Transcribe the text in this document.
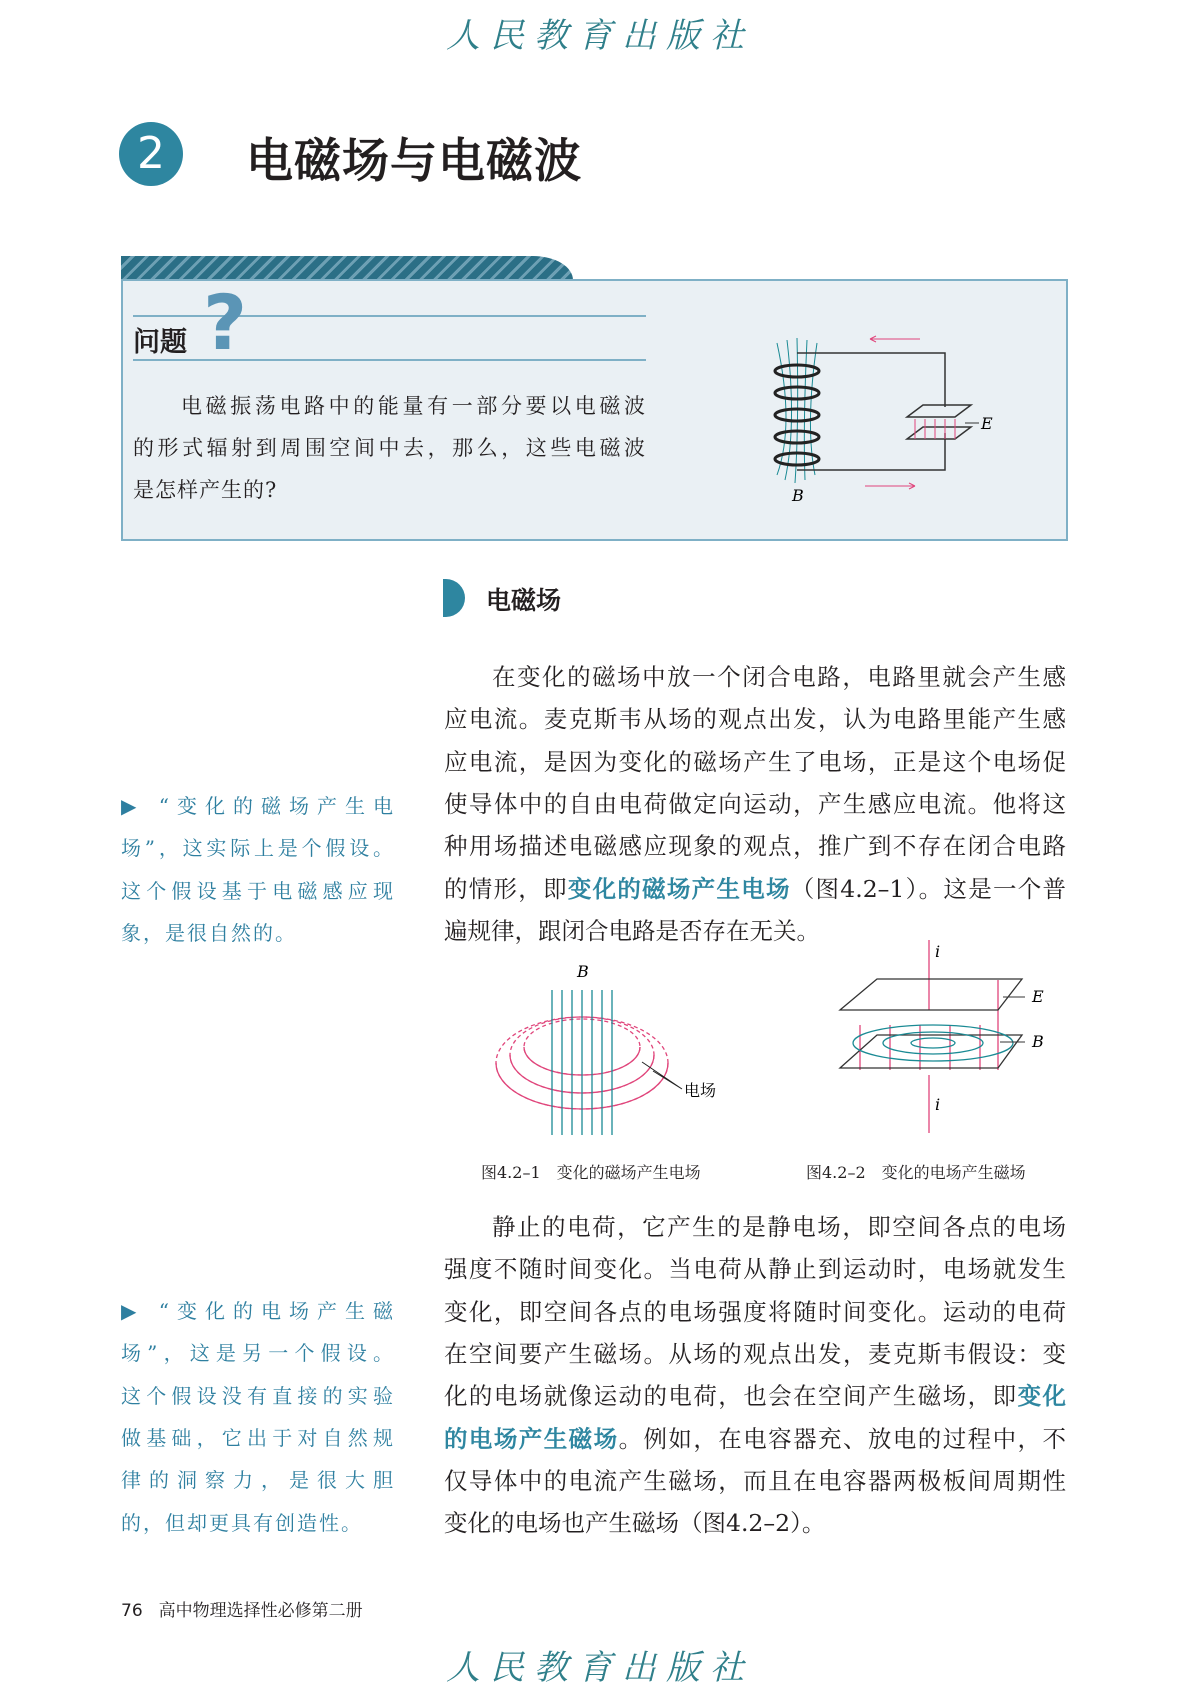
人民教育出版社
2	电磁场与电磁波
问题 ?
电磁振荡电路中的能量有一部分要以电磁波
的形式辐射到周围空间中去，那么，这些电磁波
是怎样产生的?
E
B
电磁场
在变化的磁场中放一个闭合电路，电路里就会产生感
应电流。麦克斯韦从场的观点出发，认为电路里能产生感
应电流，是因为变化的磁场产生了电场，正是这个电场促
使导体中的自由电荷做定向运动，产生感应电流。他将这
种用场描述电磁感应现象的观点，推广到不存在闭合电路
的情形，即变化的磁场产生电场（图4.2–1）。这是一个普
遍规律，跟闭合电路是否存在无关。
▶ “变化的磁场产生电
场”，这实际上是个假设。
这个假设基于电磁感应现
象，是很自然的。
B
电场
图4.2–1　变化的磁场产生电场
i
i
E
B
图4.2–2　变化的电场产生磁场
静止的电荷，它产生的是静电场，即空间各点的电场
强度不随时间变化。当电荷从静止到运动时，电场就发生
变化，即空间各点的电场强度将随时间变化。运动的电荷
在空间要产生磁场。从场的观点出发，麦克斯韦假设：变
化的电场就像运动的电荷，也会在空间产生磁场，即变化
的电场产生磁场。例如，在电容器充、放电的过程中，不
仅导体中的电流产生磁场，而且在电容器两极板间周期性
变化的电场也产生磁场（图4.2–2）。
▶ “变化的电场产生磁
场”，这是另一个假设。
这个假设没有直接的实验
做基础，它出于对自然规
律的洞察力，是很大胆
的，但却更具有创造性。
76 高中物理选择性必修第二册
人民教育出版社
